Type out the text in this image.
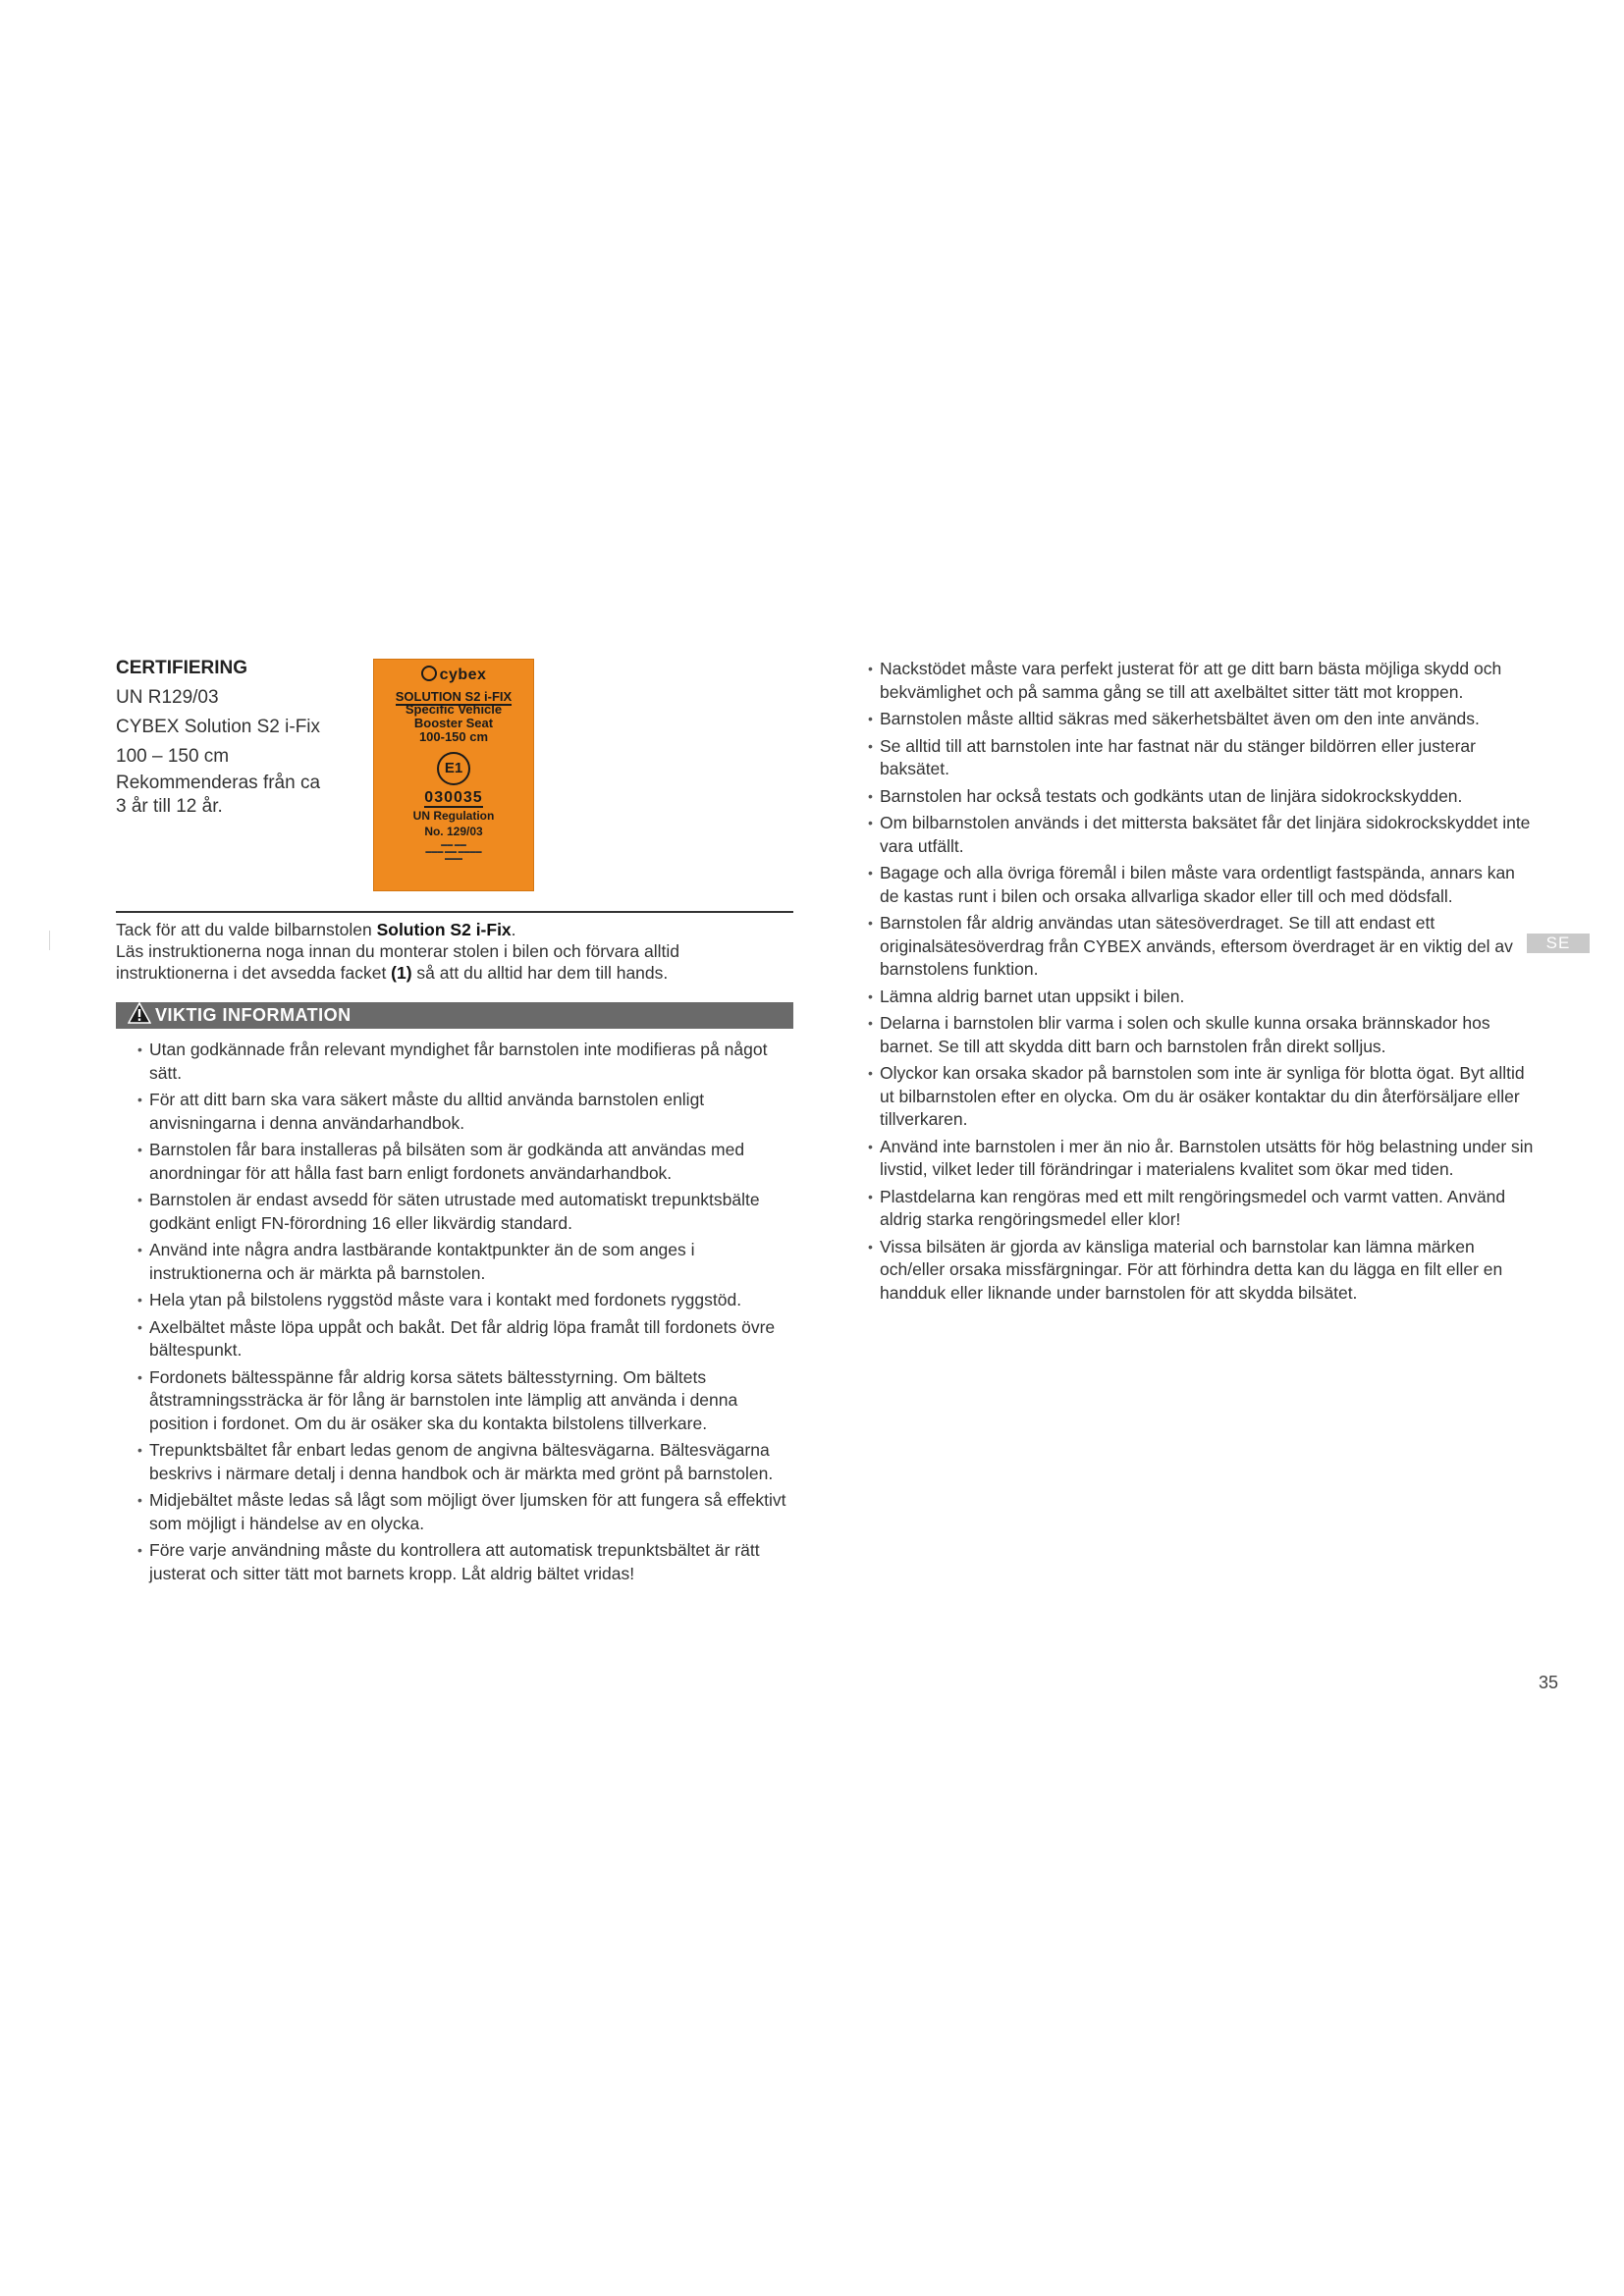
CERTIFIERING
UN R129/03
CYBEX Solution S2 i-Fix
100 – 150 cm
Rekommenderas från ca
3 år till 12 år.
cybex
SOLUTION S2 i-FIX
Specific Vehicle
Booster Seat
100-150 cm
E1
030035
UN Regulation
No. 129/03
▬▬ ▬▬
▬▬▬ ▬▬ ▬▬▬▬
▬▬▬
Tack för att du valde bilbarnstolen Solution S2 i-Fix.
Läs instruktionerna noga innan du monterar stolen i bilen och förvara alltid instruktionerna i det avsedda facket (1) så att du alltid har dem till hands.
VIKTIG INFORMATION
• Utan godkännade från relevant myndighet får barnstolen inte modifieras på något sätt.
• För att ditt barn ska vara säkert måste du alltid använda barnstolen enligt anvisningarna i denna användarhandbok.
• Barnstolen får bara installeras på bilsäten som är godkända att användas med anordningar för att hålla fast barn enligt fordonets användarhandbok.
• Barnstolen är endast avsedd för säten utrustade med automatiskt trepunktsbälte godkänt enligt FN-förordning 16 eller likvärdig standard.
• Använd inte några andra lastbärande kontaktpunkter än de som anges i instruktionerna och är märkta på barnstolen.
• Hela ytan på bilstolens ryggstöd måste vara i kontakt med fordonets ryggstöd.
• Axelbältet måste löpa uppåt och bakåt. Det får aldrig löpa framåt till fordonets övre bältespunkt.
• Fordonets bältesspänne får aldrig korsa sätets bältesstyrning. Om bältets åtstramningssträcka är för lång är barnstolen inte lämplig att använda i denna position i fordonet. Om du är osäker ska du kontakta bilstolens tillverkare.
• Trepunktsbältet får enbart ledas genom de angivna bältesvägarna. Bältesvägarna beskrivs i närmare detalj i denna handbok och är märkta med grönt på barnstolen.
• Midjebältet måste ledas så lågt som möjligt över ljumsken för att fungera så effektivt som möjligt i händelse av en olycka.
• Före varje användning måste du kontrollera att automatisk trepunktsbältet är rätt justerat och sitter tätt mot barnets kropp. Låt aldrig bältet vridas!
• Nackstödet måste vara perfekt justerat för att ge ditt barn bästa möjliga skydd och bekvämlighet och på samma gång se till att axelbältet sitter tätt mot kroppen.
• Barnstolen måste alltid säkras med säkerhetsbältet även om den inte används.
• Se alltid till att barnstolen inte har fastnat när du stänger bildörren eller justerar baksätet.
• Barnstolen har också testats och godkänts utan de linjära sidokrockskydden.
• Om bilbarnstolen används i det mittersta baksätet får det linjära sidokrockskyddet inte vara utfällt.
• Bagage och alla övriga föremål i bilen måste vara ordentligt fastspända, annars kan de kastas runt i bilen och orsaka allvarliga skador eller till och med dödsfall.
• Barnstolen får aldrig användas utan sätesöverdraget. Se till att endast ett originalsätesöverdrag från CYBEX används, eftersom överdraget är en viktig del av barnstolens funktion.
• Lämna aldrig barnet utan uppsikt i bilen.
• Delarna i barnstolen blir varma i solen och skulle kunna orsaka brännskador hos barnet. Se till att skydda ditt barn och barnstolen från direkt solljus.
• Olyckor kan orsaka skador på barnstolen som inte är synliga för blotta ögat. Byt alltid ut bilbarnstolen efter en olycka. Om du är osäker kontaktar du din återförsäljare eller tillverkaren.
• Använd inte barnstolen i mer än nio år. Barnstolen utsätts för hög belastning under sin livstid, vilket leder till förändringar i materialens kvalitet som ökar med tiden.
• Plastdelarna kan rengöras med ett milt rengöringsmedel och varmt vatten. Använd aldrig starka rengöringsmedel eller klor!
• Vissa bilsäten är gjorda av känsliga material och barnstolar kan lämna märken och/eller orsaka missfärgningar. För att förhindra detta kan du lägga en filt eller en handduk eller liknande under barnstolen för att skydda bilsätet.
SE
35
